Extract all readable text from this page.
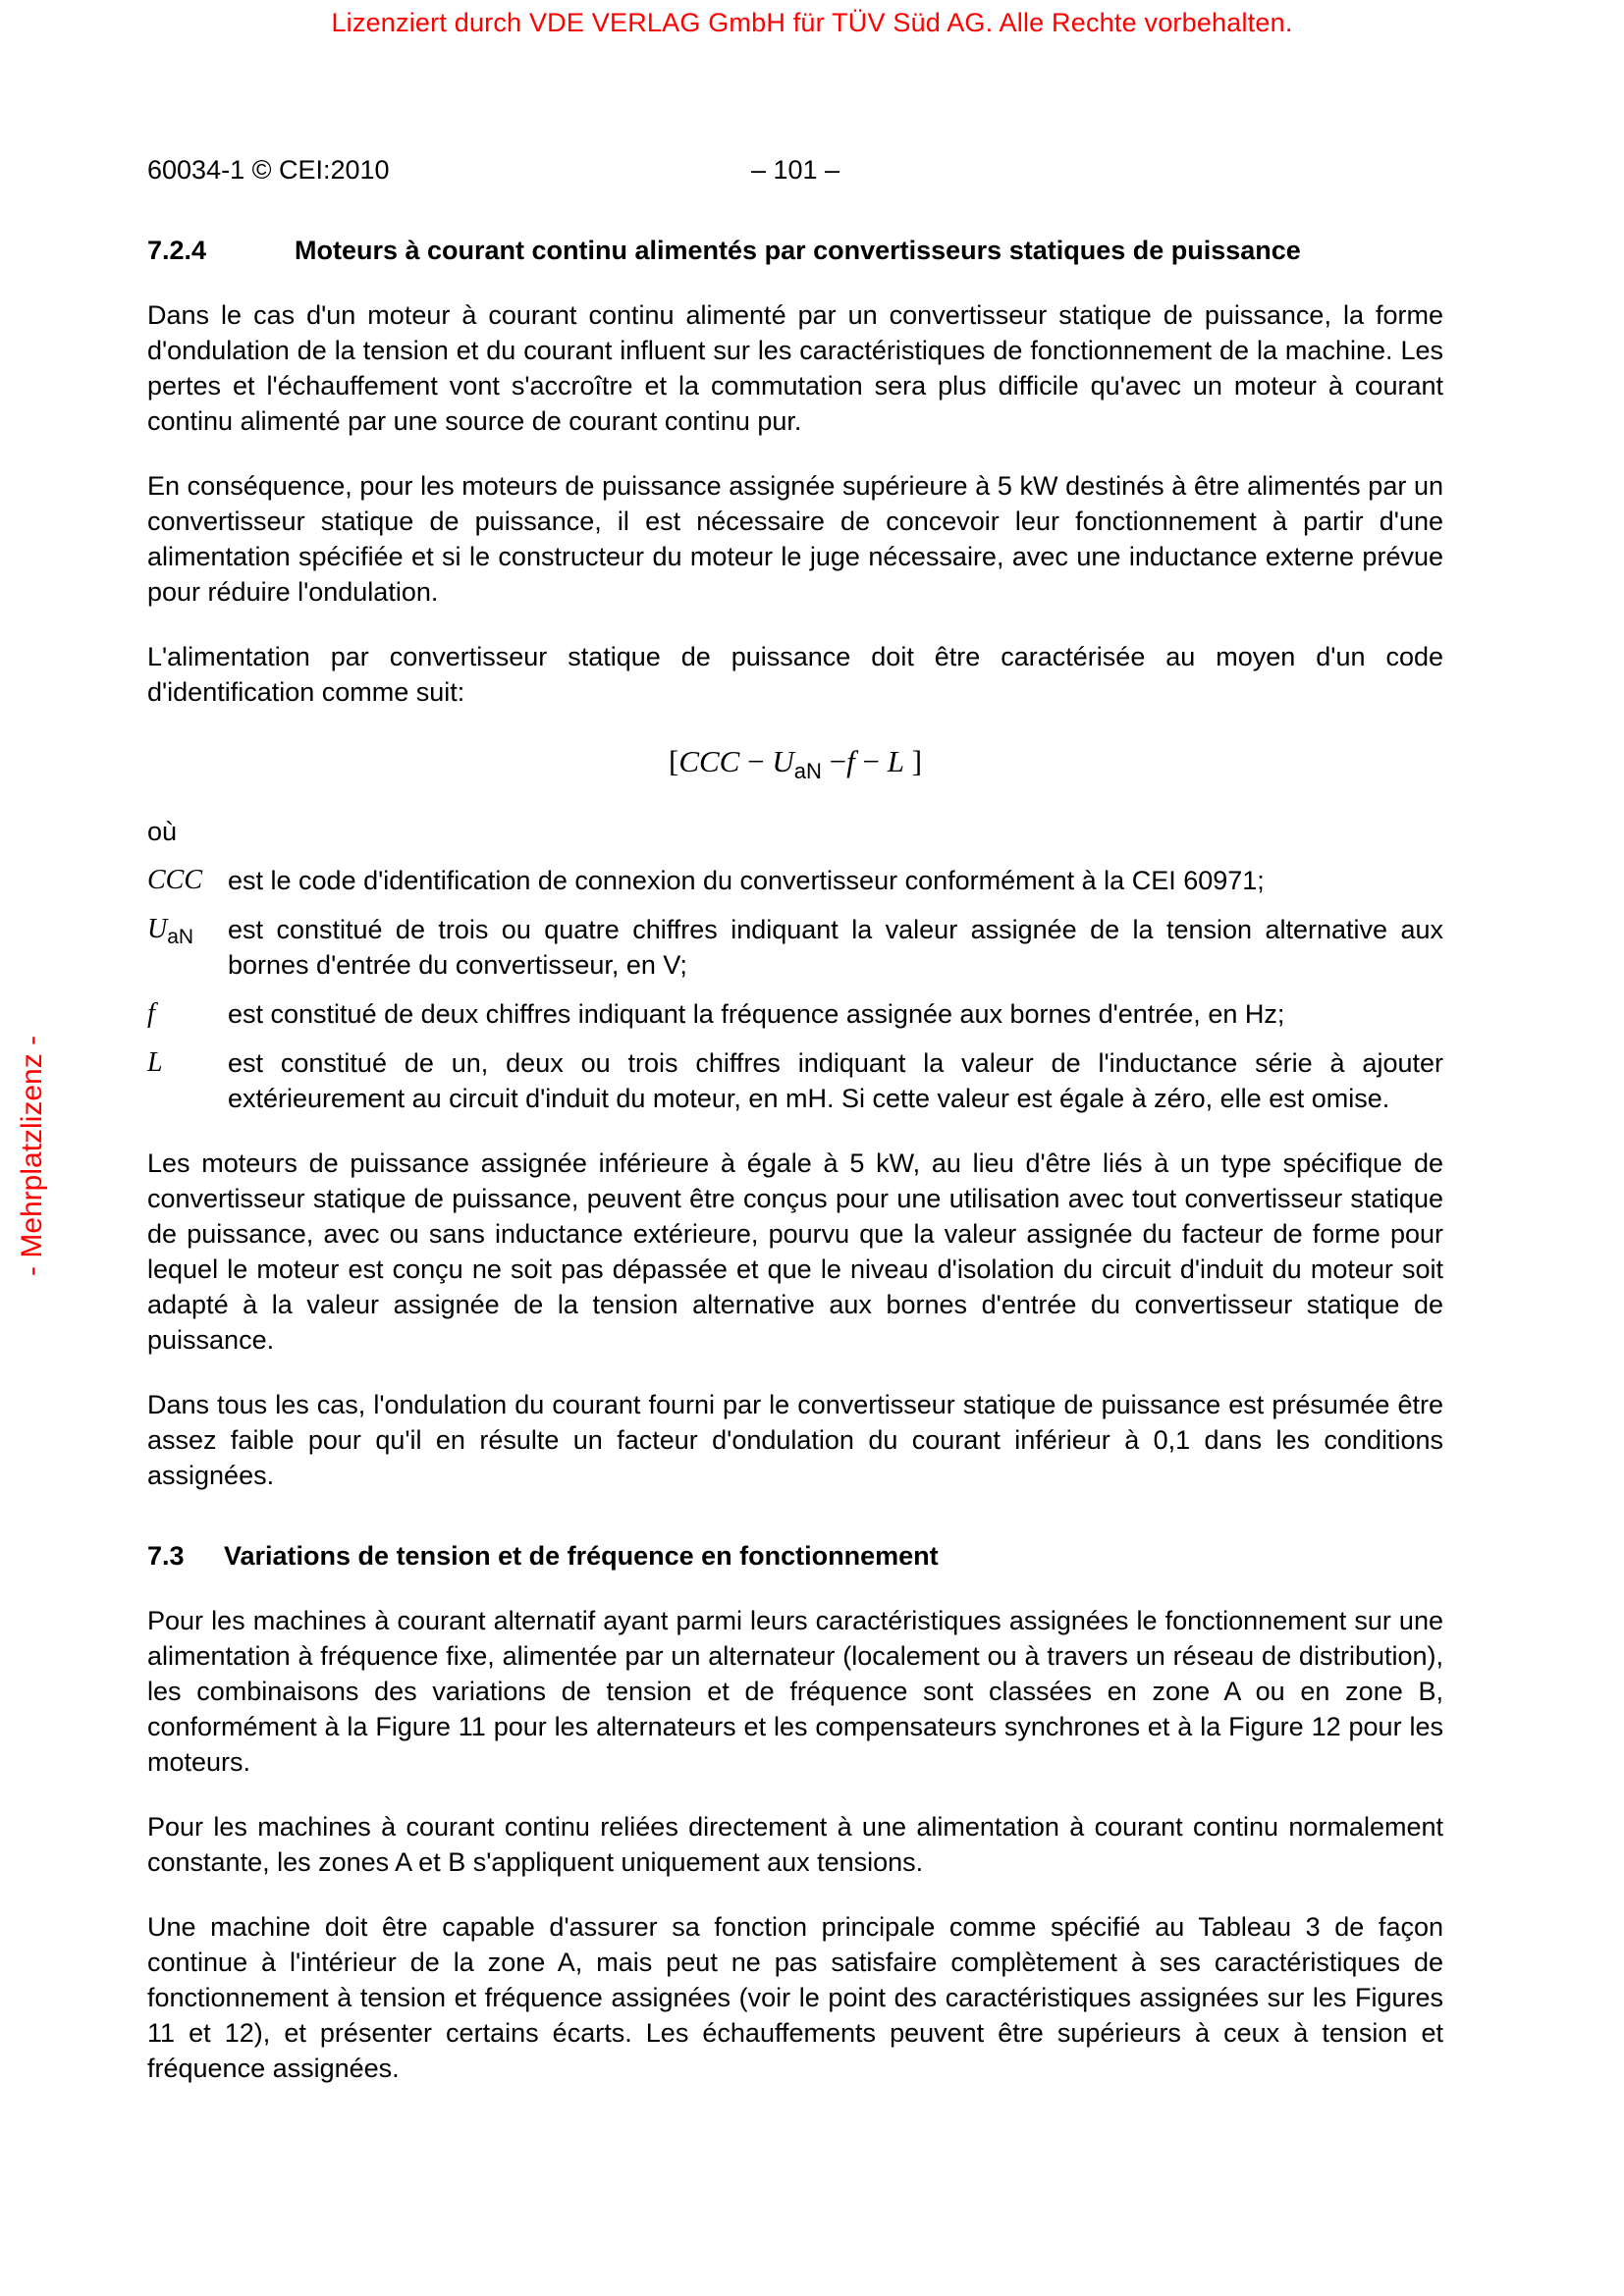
Lizenziert durch VDE VERLAG GmbH für TÜV Süd AG. Alle Rechte vorbehalten.
- Mehrplatzlizenz -
60034-1 © CEI:2010	– 101 –
7.2.4	Moteurs à courant continu alimentés par convertisseurs statiques de puissance

Dans le cas d'un moteur à courant continu alimenté par un convertisseur statique de puissance, la forme d'ondulation de la tension et du courant influent sur les caractéristiques de fonctionnement de la machine. Les pertes et l'échauffement vont s'accroître et la commutation sera plus difficile qu'avec un moteur à courant continu alimenté par une source de courant continu pur.

En conséquence, pour les moteurs de puissance assignée supérieure à 5 kW destinés à être alimentés par un convertisseur statique de puissance, il est nécessaire de concevoir leur fonctionnement à partir d'une alimentation spécifiée et si le constructeur du moteur le juge nécessaire, avec une inductance externe prévue pour réduire l'ondulation.

L'alimentation par convertisseur statique de puissance doit être caractérisée au moyen d'un code d'identification comme suit:

[$CCC - U_{aN} -f - L$ ]

où

CCC est le code d'identification de connexion du convertisseur conformément à la CEI 60971;
$U_{aN}$	est constitué de trois ou quatre chiffres indiquant la valeur assignée de la tension alternative aux bornes d'entrée du convertisseur, en V;
f	est constitué de deux chiffres indiquant la fréquence assignée aux bornes d'entrée, en Hz;
L	est constitué de un, deux ou trois chiffres indiquant la valeur de l'inductance série à ajouter extérieurement au circuit d'induit du moteur, en mH. Si cette valeur est égale à zéro, elle est omise.

Les moteurs de puissance assignée inférieure à égale à 5 kW, au lieu d'être liés à un type spécifique de convertisseur statique de puissance, peuvent être conçus pour une utilisation avec tout convertisseur statique de puissance, avec ou sans inductance extérieure, pourvu que la valeur assignée du facteur de forme pour lequel le moteur est conçu ne soit pas dépassée et que le niveau d'isolation du circuit d'induit du moteur soit adapté à la valeur assignée de la tension alternative aux bornes d'entrée du convertisseur statique de puissance.

Dans tous les cas, l'ondulation du courant fourni par le convertisseur statique de puissance est présumée être assez faible pour qu'il en résulte un facteur d'ondulation du courant inférieur à 0,1 dans les conditions assignées.

7.3 Variations de tension et de fréquence en fonctionnement

Pour les machines à courant alternatif ayant parmi leurs caractéristiques assignées le fonctionnement sur une alimentation à fréquence fixe, alimentée par un alternateur (localement ou à travers un réseau de distribution), les combinaisons des variations de tension et de fréquence sont classées en zone A ou en zone B, conformément à la Figure 11 pour les alternateurs et les compensateurs synchrones et à la Figure 12 pour les moteurs.

Pour les machines à courant continu reliées directement à une alimentation à courant continu normalement constante, les zones A et B s'appliquent uniquement aux tensions.

Une machine doit être capable d'assurer sa fonction principale comme spécifié au Tableau 3 de façon continue à l'intérieur de la zone A, mais peut ne pas satisfaire complètement à ses caractéristiques de fonctionnement à tension et fréquence assignées (voir le point des caractéristiques assignées sur les Figures 11 et 12), et présenter certains écarts. Les échauffements peuvent être supérieurs à ceux à tension et fréquence assignées.
